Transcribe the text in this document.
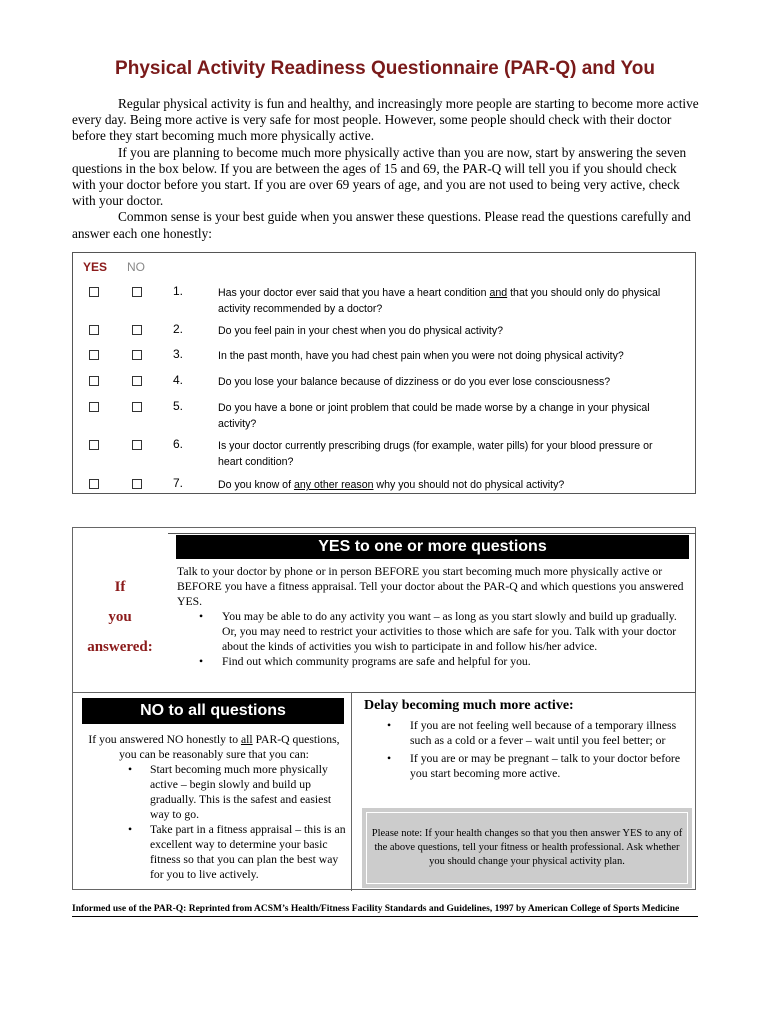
Physical Activity Readiness Questionnaire (PAR-Q) and You

Regular physical activity is fun and healthy, and increasingly more people are starting to become more active every day. Being more active is very safe for most people. However, some people should check with their doctor before they start becoming much more physically active.

If you are planning to become much more physically active than you are now, start by answering the seven questions in the box below. If you are between the ages of 15 and 69, the PAR-Q will tell you if you should check with your doctor before you start. If you are over 69 years of age, and you are not used to being very active, check with your doctor.

Common sense is your best guide when you answer these questions. Please read the questions carefully and answer each one honestly:

YES NO
1.	Has your doctor ever said that you have a heart condition and that you should only do physical activity recommended by a doctor?
2.	Do you feel pain in your chest when you do physical activity?
3.	In the past month, have you had chest pain when you were not doing physical activity?
4.	Do you lose your balance because of dizziness or do you ever lose consciousness?
5.	Do you have a bone or joint problem that could be made worse by a change in your physical activity?
6.	Is your doctor currently prescribing drugs (for example, water pills) for your blood pressure or heart condition?
7.	Do you know of any other reason why you should not do physical activity?
If
you
answered:
YES to one or more questions
Talk to your doctor by phone or in person BEFORE you start becoming much more physically active or BEFORE you have a fitness appraisal. Tell your doctor about the PAR-Q and which questions you answered YES.
• You may be able to do any activity you want – as long as you start slowly and build up gradually. Or, you may need to restrict your activities to those which are safe for you. Talk with your doctor about the kinds of activities you wish to participate in and follow his/her advice.
• Find out which community programs are safe and helpful for you.
NO to all questions
If you answered NO honestly to all PAR-Q questions, you can be reasonably sure that you can:
• Start becoming much more physically active – begin slowly and build up gradually. This is the safest and easiest way to go.
• Take part in a fitness appraisal – this is an excellent way to determine your basic fitness so that you can plan the best way for you to live actively.
Delay becoming much more active:
• If you are not feeling well because of a temporary illness such as a cold or a fever – wait until you feel better; or
• If you are or may be pregnant – talk to your doctor before you start becoming more active.
Please note: If your health changes so that you then answer YES to any of the above questions, tell your fitness or health professional. Ask whether you should change your physical activity plan.
Informed use of the PAR-Q: Reprinted from ACSM’s Health/Fitness Facility Standards and Guidelines, 1997 by American College of Sports Medicine
